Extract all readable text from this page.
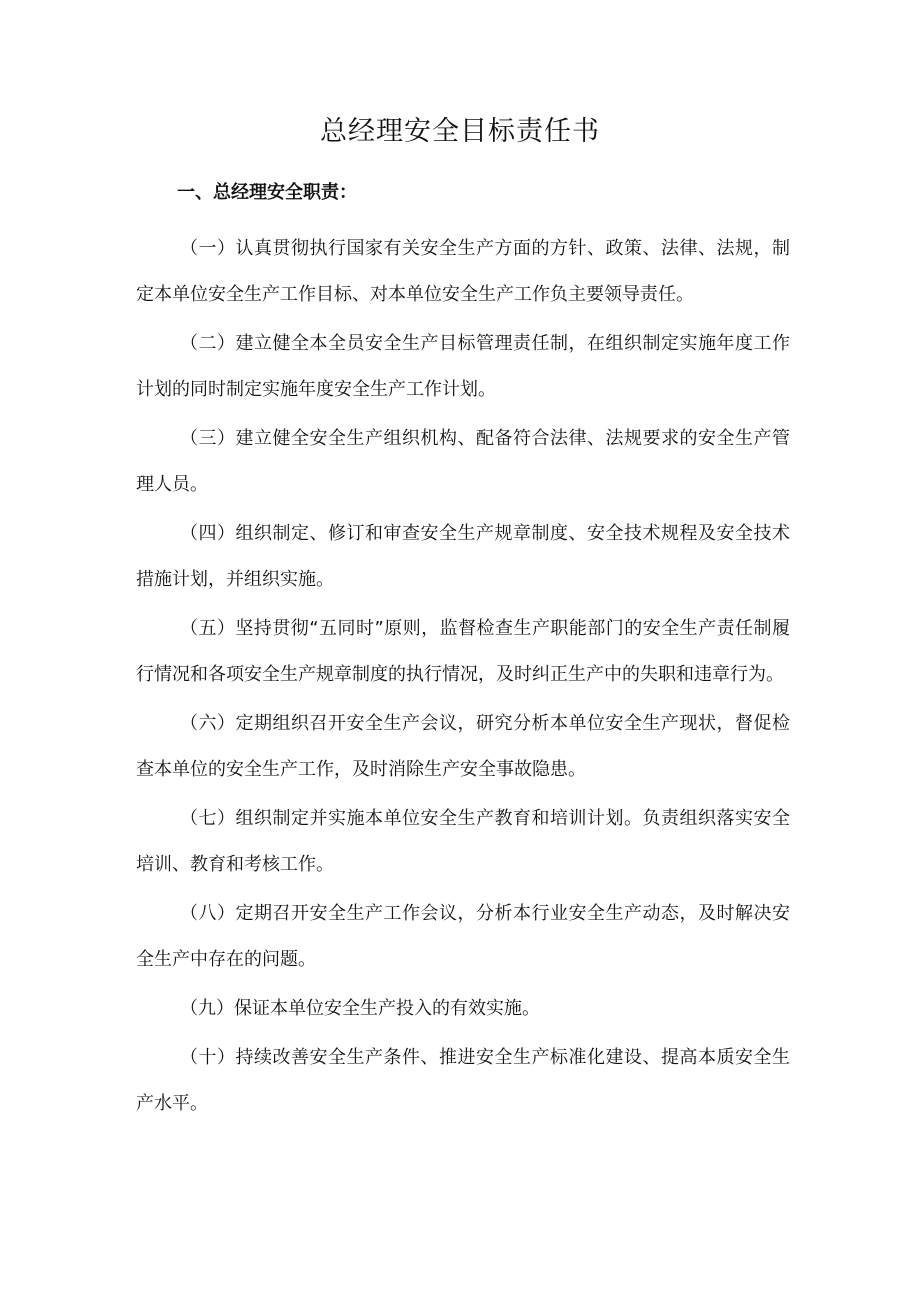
总经理安全目标责任书
一、总经理安全职责：
（一）认真贯彻执行国家有关安全生产方面的方针、政策、法律、法规，制定本单位安全生产工作目标、对本单位安全生产工作负主要领导责任。
（二）建立健全本全员安全生产目标管理责任制，在组织制定实施年度工作计划的同时制定实施年度安全生产工作计划。
（三）建立健全安全生产组织机构、配备符合法律、法规要求的安全生产管理人员。
（四）组织制定、修订和审查安全生产规章制度、安全技术规程及安全技术措施计划，并组织实施。
（五）坚持贯彻“五同时”原则，监督检查生产职能部门的安全生产责任制履行情况和各项安全生产规章制度的执行情况，及时纠正生产中的失职和违章行为。
（六）定期组织召开安全生产会议，研究分析本单位安全生产现状，督促检查本单位的安全生产工作，及时消除生产安全事故隐患。
（七）组织制定并实施本单位安全生产教育和培训计划。负责组织落实安全培训、教育和考核工作。
（八）定期召开安全生产工作会议，分析本行业安全生产动态，及时解决安全生产中存在的问题。
（九）保证本单位安全生产投入的有效实施。
（十）持续改善安全生产条件、推进安全生产标准化建设、提高本质安全生产水平。
